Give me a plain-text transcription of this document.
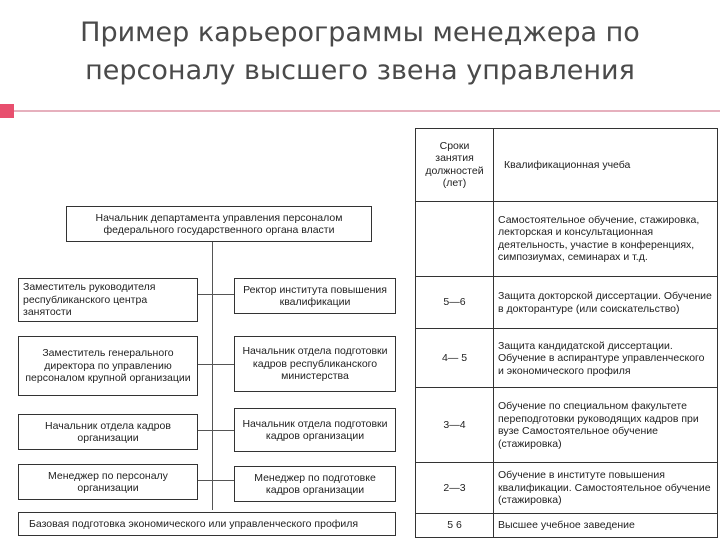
Пример карьерограммы менеджера по
персоналу высшего звена управления
Начальник департамента управления персоналом федерального государственного органа власти
Заместитель руководителя республиканского центра занятости
Заместитель генерального директора по управлению персоналом крупной организации
Начальник отдела кадров организации
Менеджер по персоналу организации
Ректор института повышения квалификации
Начальник отдела подготовки кадров республиканского министерства
Начальник отдела подготовки кадров организации
Менеджер по подготовке кадров организации
Базовая подготовка экономического или управленческого профиля
Сроки занятия должностей (лет)	Квалификационная учеба
	Самостоятельное обучение, стажировка, лекторская и консультационная деятельность, участие в конференциях, симпозиумах, семинарах и т.д.
5—6	Защита докторской диссертации. Обучение в докторантуре (или соискательство)
4— 5	Защита кандидатской диссертации. Обучение в аспирантуре управленческого и экономического профиля
3—4	Обучение по специальном факультете переподготовки руководящих кадров при вузе Самостоятельное обучение (стажировка)
2—3	Обучение в институте повышения квалификации. Самостоятельное обучение (стажировка)
5 6	Высшее учебное заведение
